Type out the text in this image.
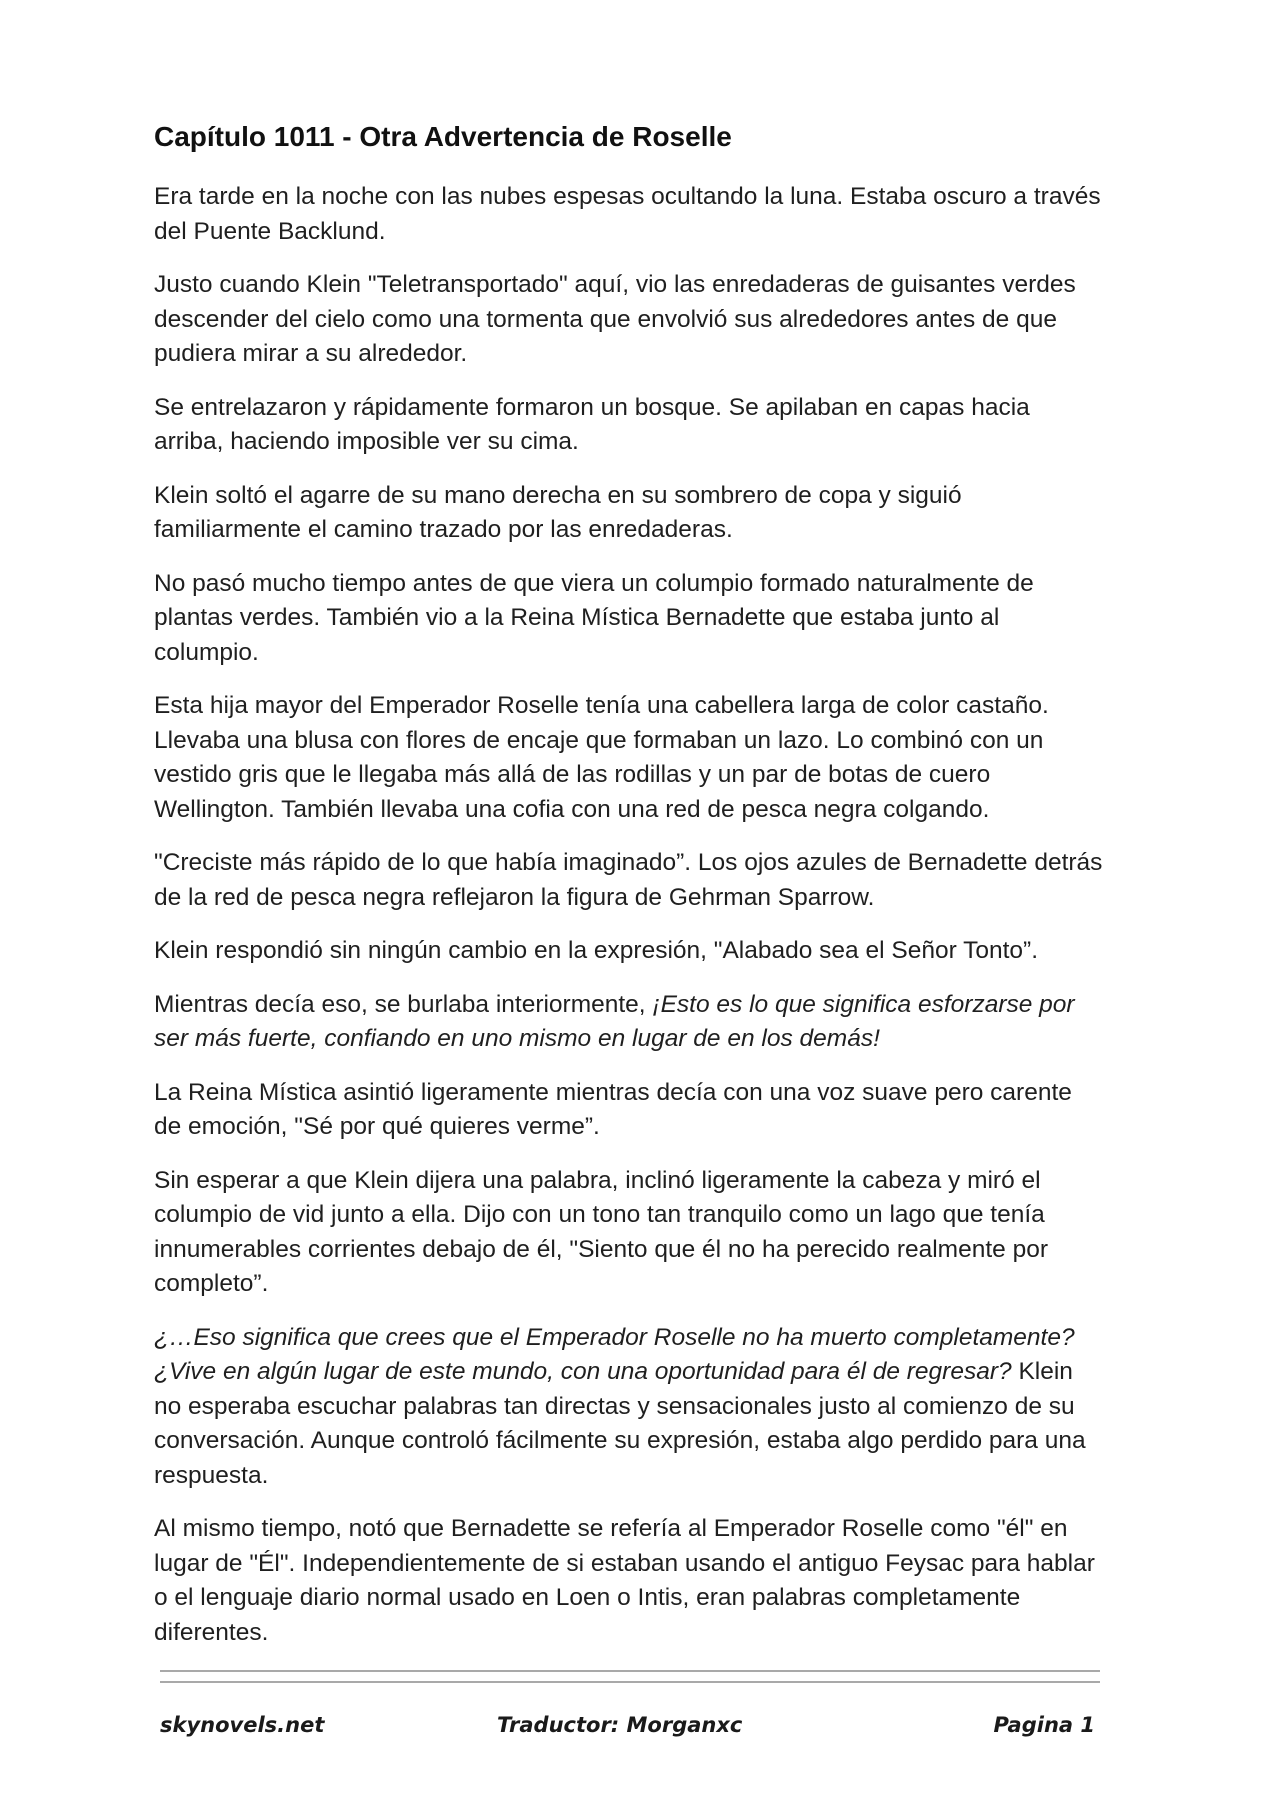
Capítulo 1011 - Otra Advertencia de Roselle

Era tarde en la noche con las nubes espesas ocultando la luna. Estaba oscuro a través del Puente Backlund.

Justo cuando Klein "Teletransportado" aquí, vio las enredaderas de guisantes verdes descender del cielo como una tormenta que envolvió sus alrededores antes de que pudiera mirar a su alrededor.

Se entrelazaron y rápidamente formaron un bosque. Se apilaban en capas hacia arriba, haciendo imposible ver su cima.

Klein soltó el agarre de su mano derecha en su sombrero de copa y siguió familiarmente el camino trazado por las enredaderas.

No pasó mucho tiempo antes de que viera un columpio formado naturalmente de plantas verdes. También vio a la Reina Mística Bernadette que estaba junto al columpio.

Esta hija mayor del Emperador Roselle tenía una cabellera larga de color castaño. Llevaba una blusa con flores de encaje que formaban un lazo. Lo combinó con un vestido gris que le llegaba más allá de las rodillas y un par de botas de cuero Wellington. También llevaba una cofia con una red de pesca negra colgando.

"Creciste más rápido de lo que había imaginado”. Los ojos azules de Bernadette detrás de la red de pesca negra reflejaron la figura de Gehrman Sparrow.

Klein respondió sin ningún cambio en la expresión, "Alabado sea el Señor Tonto”.

Mientras decía eso, se burlaba interiormente, ¡Esto es lo que significa esforzarse por ser más fuerte, confiando en uno mismo en lugar de en los demás!

La Reina Mística asintió ligeramente mientras decía con una voz suave pero carente de emoción, "Sé por qué quieres verme”.

Sin esperar a que Klein dijera una palabra, inclinó ligeramente la cabeza y miró el columpio de vid junto a ella. Dijo con un tono tan tranquilo como un lago que tenía innumerables corrientes debajo de él, "Siento que él no ha perecido realmente por completo”.

¿…Eso significa que crees que el Emperador Roselle no ha muerto completamente? ¿Vive en algún lugar de este mundo, con una oportunidad para él de regresar? Klein no esperaba escuchar palabras tan directas y sensacionales justo al comienzo de su conversación. Aunque controló fácilmente su expresión, estaba algo perdido para una respuesta.

Al mismo tiempo, notó que Bernadette se refería al Emperador Roselle como "él" en lugar de "Él". Independientemente de si estaban usando el antiguo Feysac para hablar o el lenguaje diario normal usado en Loen o Intis, eran palabras completamente diferentes.

skynovels.net	Traductor: Morganxc	Pagina 1
